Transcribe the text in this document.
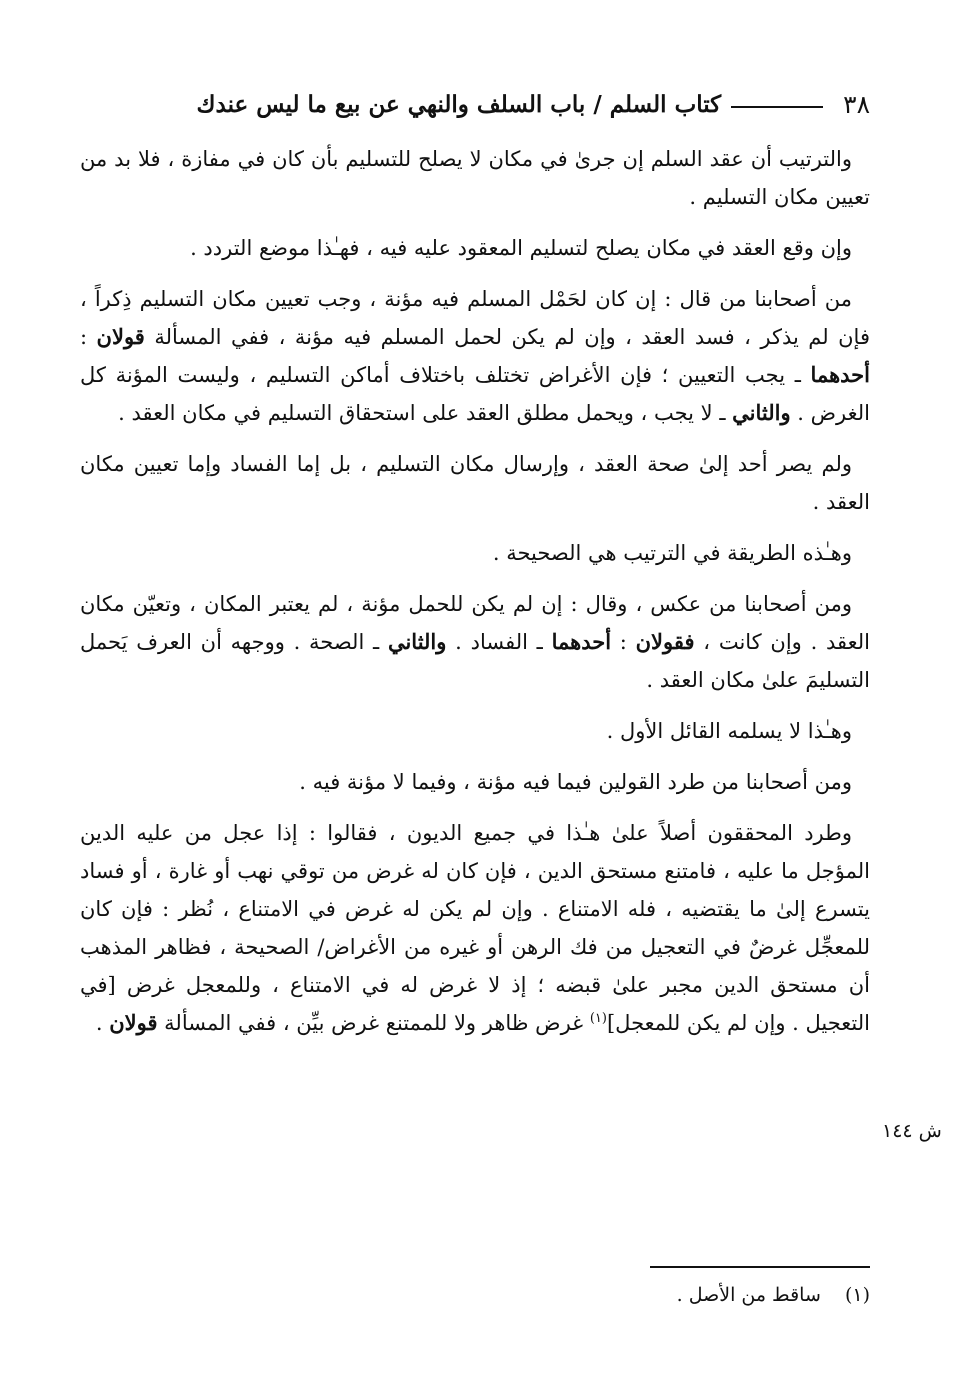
٣٨
كتاب السلم / باب السلف والنهي عن بيع ما ليس عندك

والترتيب أن عقد السلم إن جرىٰ في مكان لا يصلح للتسليم بأن كان في مفازة ، فلا بد من تعيين مكان التسليم .

وإن وقع العقد في مكان يصلح لتسليم المعقود عليه فيه ، فهـٰذا موضع التردد .

من أصحابنا من قال : إن كان لحَمْل المسلم فيه مؤنة ، وجب تعيين مكان التسليم ذِكراً ، فإن لم يذكر ، فسد العقد ، وإن لم يكن لحمل المسلم فيه مؤنة ، ففي المسألة قولان : أحدهما ـ يجب التعيين ؛ فإن الأغراض تختلف باختلاف أماكن التسليم ، وليست المؤنة كل الغرض . والثاني ـ لا يجب ، ويحمل مطلق العقد على استحقاق التسليم في مكان العقد .

ولم يصر أحد إلىٰ صحة العقد ، وإرسال مكان التسليم ، بل إما الفساد وإما تعيين مكان العقد .

وهـٰذه الطريقة في الترتيب هي الصحيحة .

ومن أصحابنا من عكس ، وقال : إن لم يكن للحمل مؤنة ، لم يعتبر المكان ، وتعيّن مكان العقد . وإن كانت ، فقولان : أحدهما ـ الفساد . والثاني ـ الصحة . ووجهه أن العرف يَحمل التسليمَ علىٰ مكان العقد .

وهـٰذا لا يسلمه القائل الأول .

ومن أصحابنا من طرد القولين فيما فيه مؤنة ، وفيما لا مؤنة فيه .

وطرد المحققون أصلاً علىٰ هـٰذا في جميع الديون ، فقالوا : إذا عجل من عليه الدين المؤجل ما عليه ، فامتنع مستحق الدين ، فإن كان له غرض من توقي نهب أو غارة ، أو فساد يتسرع إلىٰ ما يقتضيه ، فله الامتناع . وإن لم يكن له غرض في الامتناع ، نُظر : فإن كان للمعجِّل غرضٌ في التعجيل من فك الرهن أو غيره من الأغراض/ الصحيحة ، فظاهر المذهب أن مستحق الدين مجبر علىٰ قبضه ؛ إذ لا غرض له في الامتناع ، وللمعجل غرض [في التعجيل . وإن لم يكن للمعجل]$^{(١)}$ غرض ظاهر ولا للممتنع غرض بيِّن ، ففي المسألة قولان .

ش ١٤٤
(١) ساقط من الأصل .
